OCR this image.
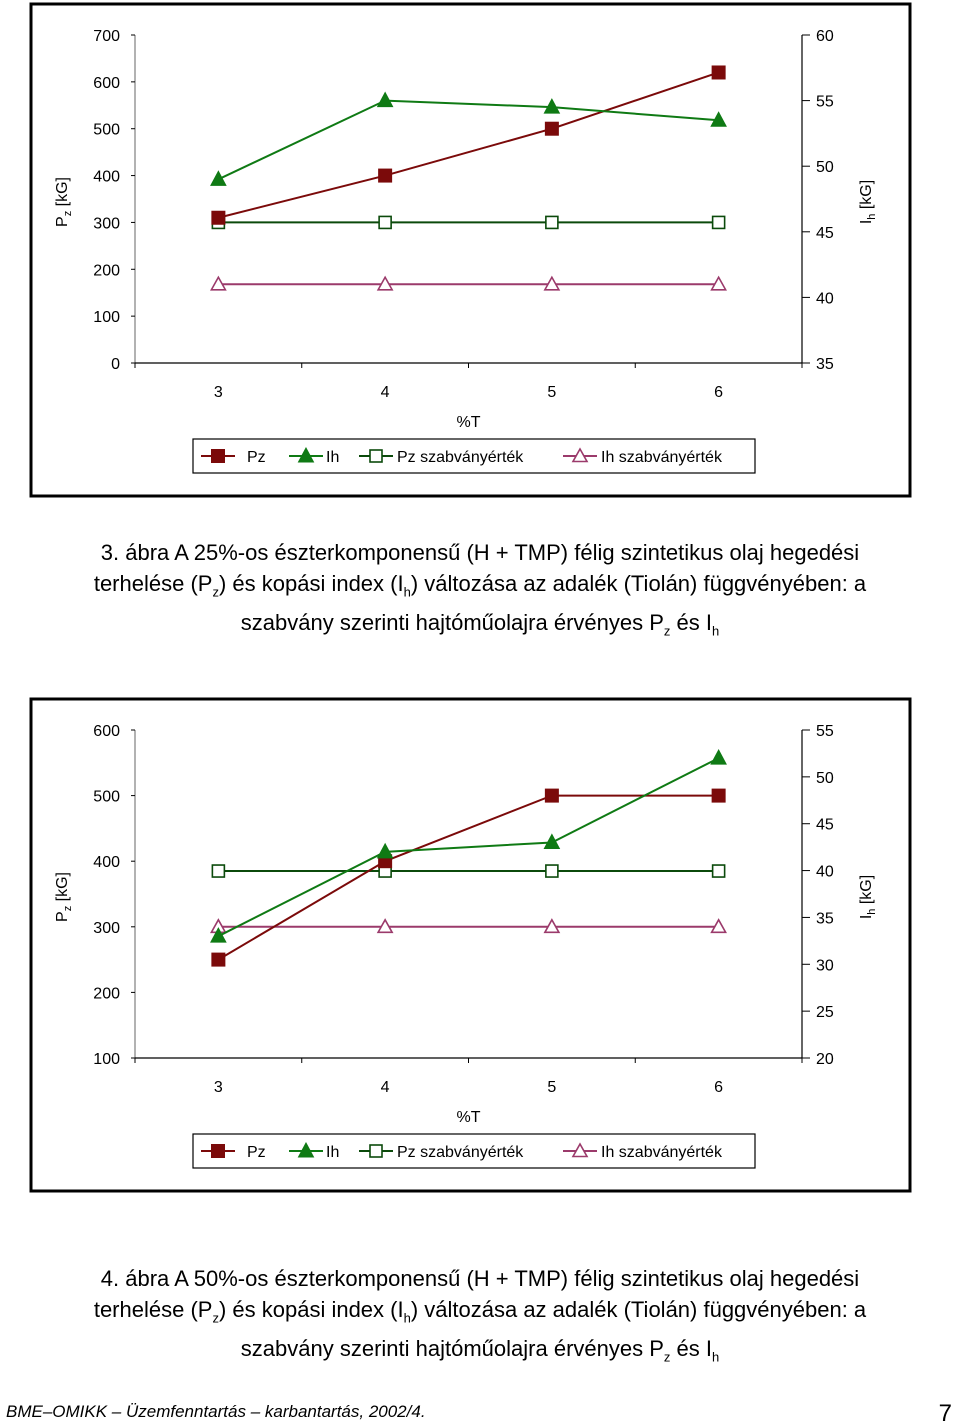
0
100
200
300
400
500
600
700
35
40
45
50
55
60
3	4	5	6
%T
$P_z$ [kG]
$I_h$ [kG]
Pz	Ih	Pz szabványérték	Ih szabványérték
3. ábra A 25%-os észterkomponensű (H + TMP) félig szintetikus olaj hegedési
terhelése $(P_z)$ és kopási index $(I_h)$ változása az adalék (Tiolán) függvényében: a
szabvány szerinti hajtóműolajra érvényes $P_z$ és $I_h$
100
200
300
400
500
600
20
25
30
35
40
45
50
55
3	4	5	6
%T
$P_z$ [kG]
$I_h$ [kG]
Pz	Ih	Pz szabványérték	Ih szabványérték
4. ábra A 50%-os észterkomponensű (H + TMP) félig szintetikus olaj hegedési
terhelése $(P_z)$ és kopási index $(I_h)$ változása az adalék (Tiolán) függvényében: a
szabvány szerinti hajtóműolajra érvényes $P_z$ és $I_h$
BME–OMIKK – Üzemfenntartás – karbantartás, 2002/4.	7
